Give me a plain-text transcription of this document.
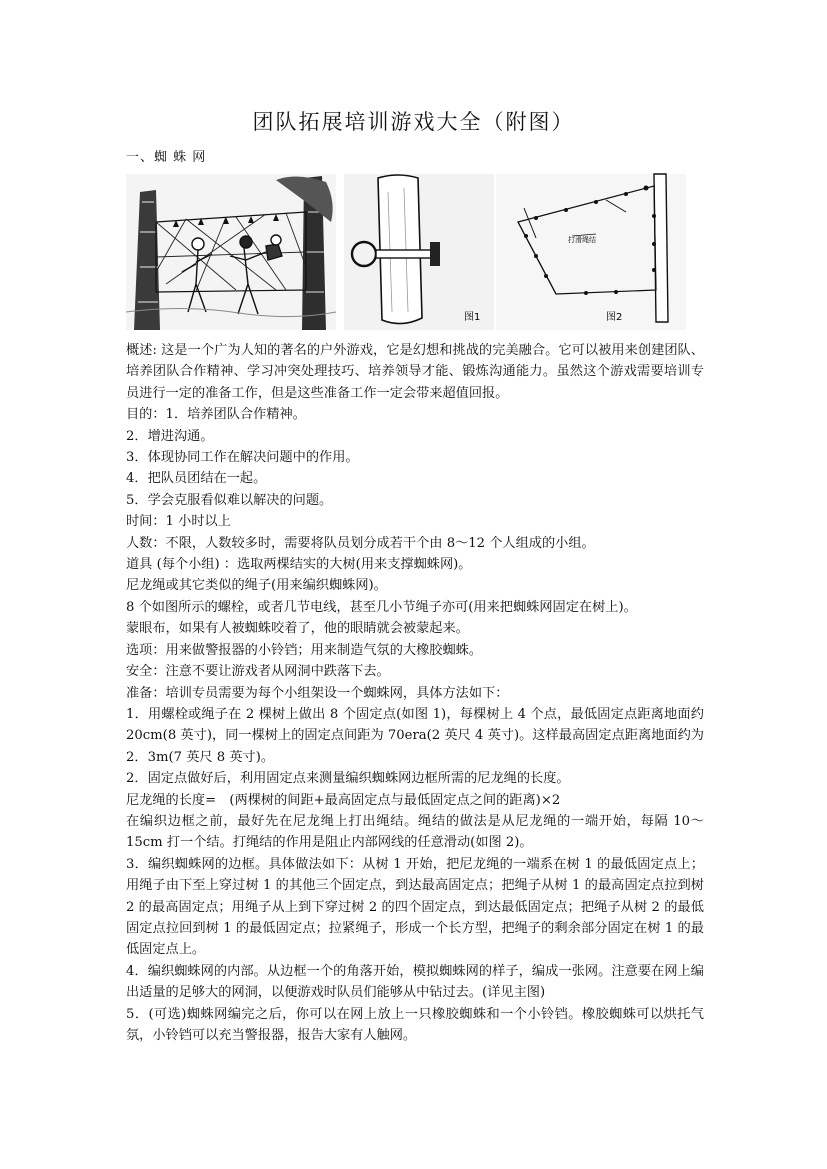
团队拓展培训游戏大全（附图）
一、蜘 蛛 网
图1
打滑绳结
图2

概述: 这是一个广为人知的著名的户外游戏，它是幻想和挑战的完美融合。它可以被用来创建团队、培养团队合作精神、学习冲突处理技巧、培养领导才能、锻炼沟通能力。虽然这个游戏需要培训专员进行一定的准备工作，但是这些准备工作一定会带来超值回报。

目的：1．培养团队合作精神。

2．增进沟通。

3．体现协同工作在解决问题中的作用。

4．把队员团结在一起。

5．学会克服看似难以解决的问题。

时间：1 小时以上

人数：不限，人数较多时，需要将队员划分成若干个由 8～12 个人组成的小组。

道具 (每个小组) ：选取两棵结实的大树(用来支撑蜘蛛网)。

尼龙绳或其它类似的绳子(用来编织蜘蛛网)。

8 个如图所示的螺栓，或者几节电线，甚至几小节绳子亦可(用来把蜘蛛网固定在树上)。

蒙眼布，如果有人被蜘蛛咬着了，他的眼睛就会被蒙起来。

选项：用来做警报器的小铃铛；用来制造气氛的大橡胶蜘蛛。

安全：注意不要让游戏者从网洞中跌落下去。

准备：培训专员需要为每个小组架设一个蜘蛛网，具体方法如下：

1．用螺栓或绳子在 2 棵树上做出 8 个固定点(如图 1)，每棵树上 4 个点，最低固定点距离地面约 20cm(8 英寸)，同一棵树上的固定点间距为 70era(2 英尺 4 英寸)。这样最高固定点距离地面约为 2．3m(7 英尺 8 英寸)。

2．固定点做好后，利用固定点来测量编织蜘蛛网边框所需的尼龙绳的长度。

尼龙绳的长度=　(两棵树的间距+最高固定点与最低固定点之间的距离)×2

在编织边框之前，最好先在尼龙绳上打出绳结。绳结的做法是从尼龙绳的一端开始，每隔 10～15cm 打一个结。打绳结的作用是阻止内部网线的任意滑动(如图 2)。

3．编织蜘蛛网的边框。具体做法如下：从树 1 开始，把尼龙绳的一端系在树 1 的最低固定点上；用绳子由下至上穿过树 1 的其他三个固定点，到达最高固定点；把绳子从树 1 的最高固定点拉到树 2 的最高固定点；用绳子从上到下穿过树 2 的四个固定点，到达最低固定点；把绳子从树 2 的最低固定点拉回到树 1 的最低固定点；拉紧绳子，形成一个长方型，把绳子的剩余部分固定在树 1 的最低固定点上。

4．编织蜘蛛网的内部。从边框一个的角落开始，模拟蜘蛛网的样子，编成一张网。注意要在网上编出适量的足够大的网洞，以便游戏时队员们能够从中钻过去。(详见主图)

5．(可选)蜘蛛网编完之后，你可以在网上放上一只橡胶蜘蛛和一个小铃铛。橡胶蜘蛛可以烘托气氛，小铃铛可以充当警报器，报告大家有人触网。
